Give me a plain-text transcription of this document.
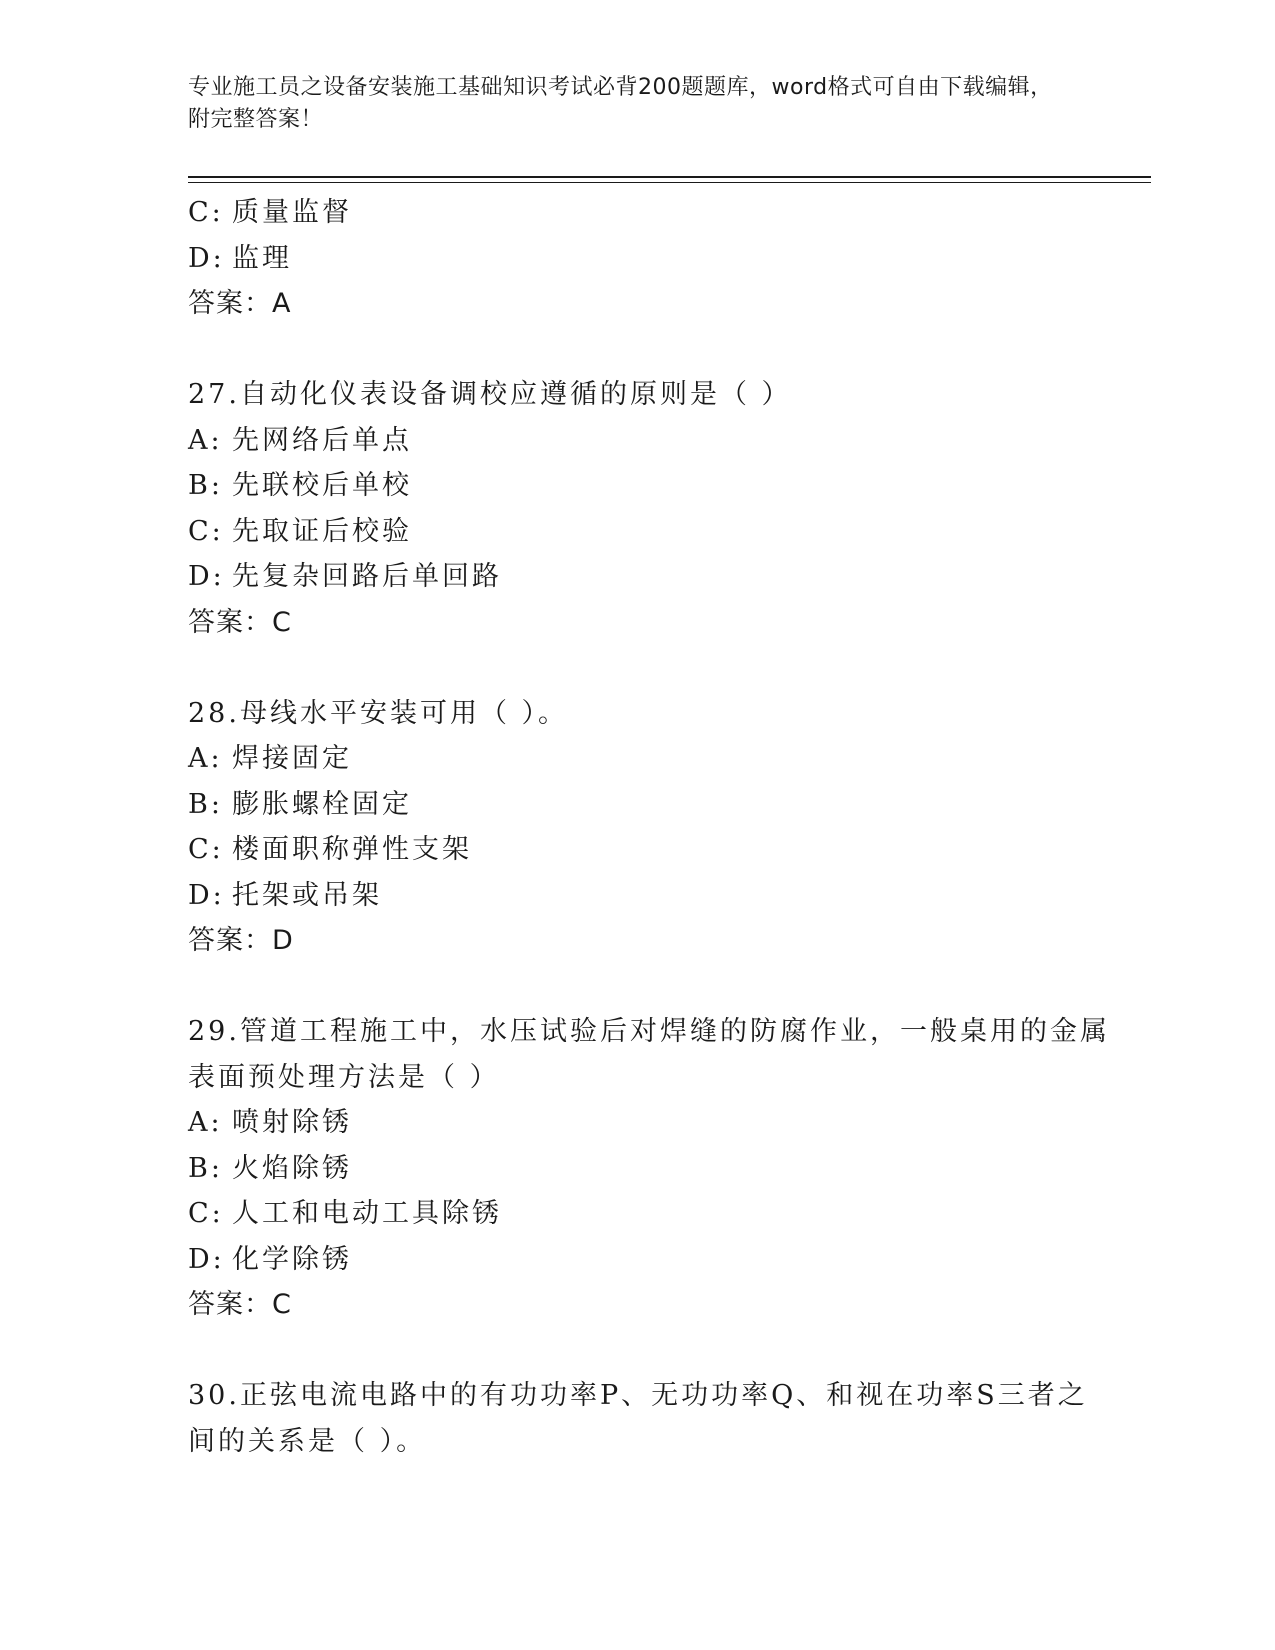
专业施工员之设备安装施工基础知识考试必背200题题库，word格式可自由下载编辑，附完整答案！
C: 质量监督
D: 监理
答案：A
27.自动化仪表设备调校应遵循的原则是（ ）
A: 先网络后单点
B: 先联校后单校
C: 先取证后校验
D: 先复杂回路后单回路
答案：C
28.母线水平安装可用（ ）。
A: 焊接固定
B: 膨胀螺栓固定
C: 楼面职称弹性支架
D: 托架或吊架
答案：D
29.管道工程施工中，水压试验后对焊缝的防腐作业，一般桌用的金属
表面预处理方法是（ ）
A: 喷射除锈
B: 火焰除锈
C: 人工和电动工具除锈
D: 化学除锈
答案：C
30.正弦电流电路中的有功功率P、无功功率Q、和视在功率S三者之
间的关系是（ ）。
